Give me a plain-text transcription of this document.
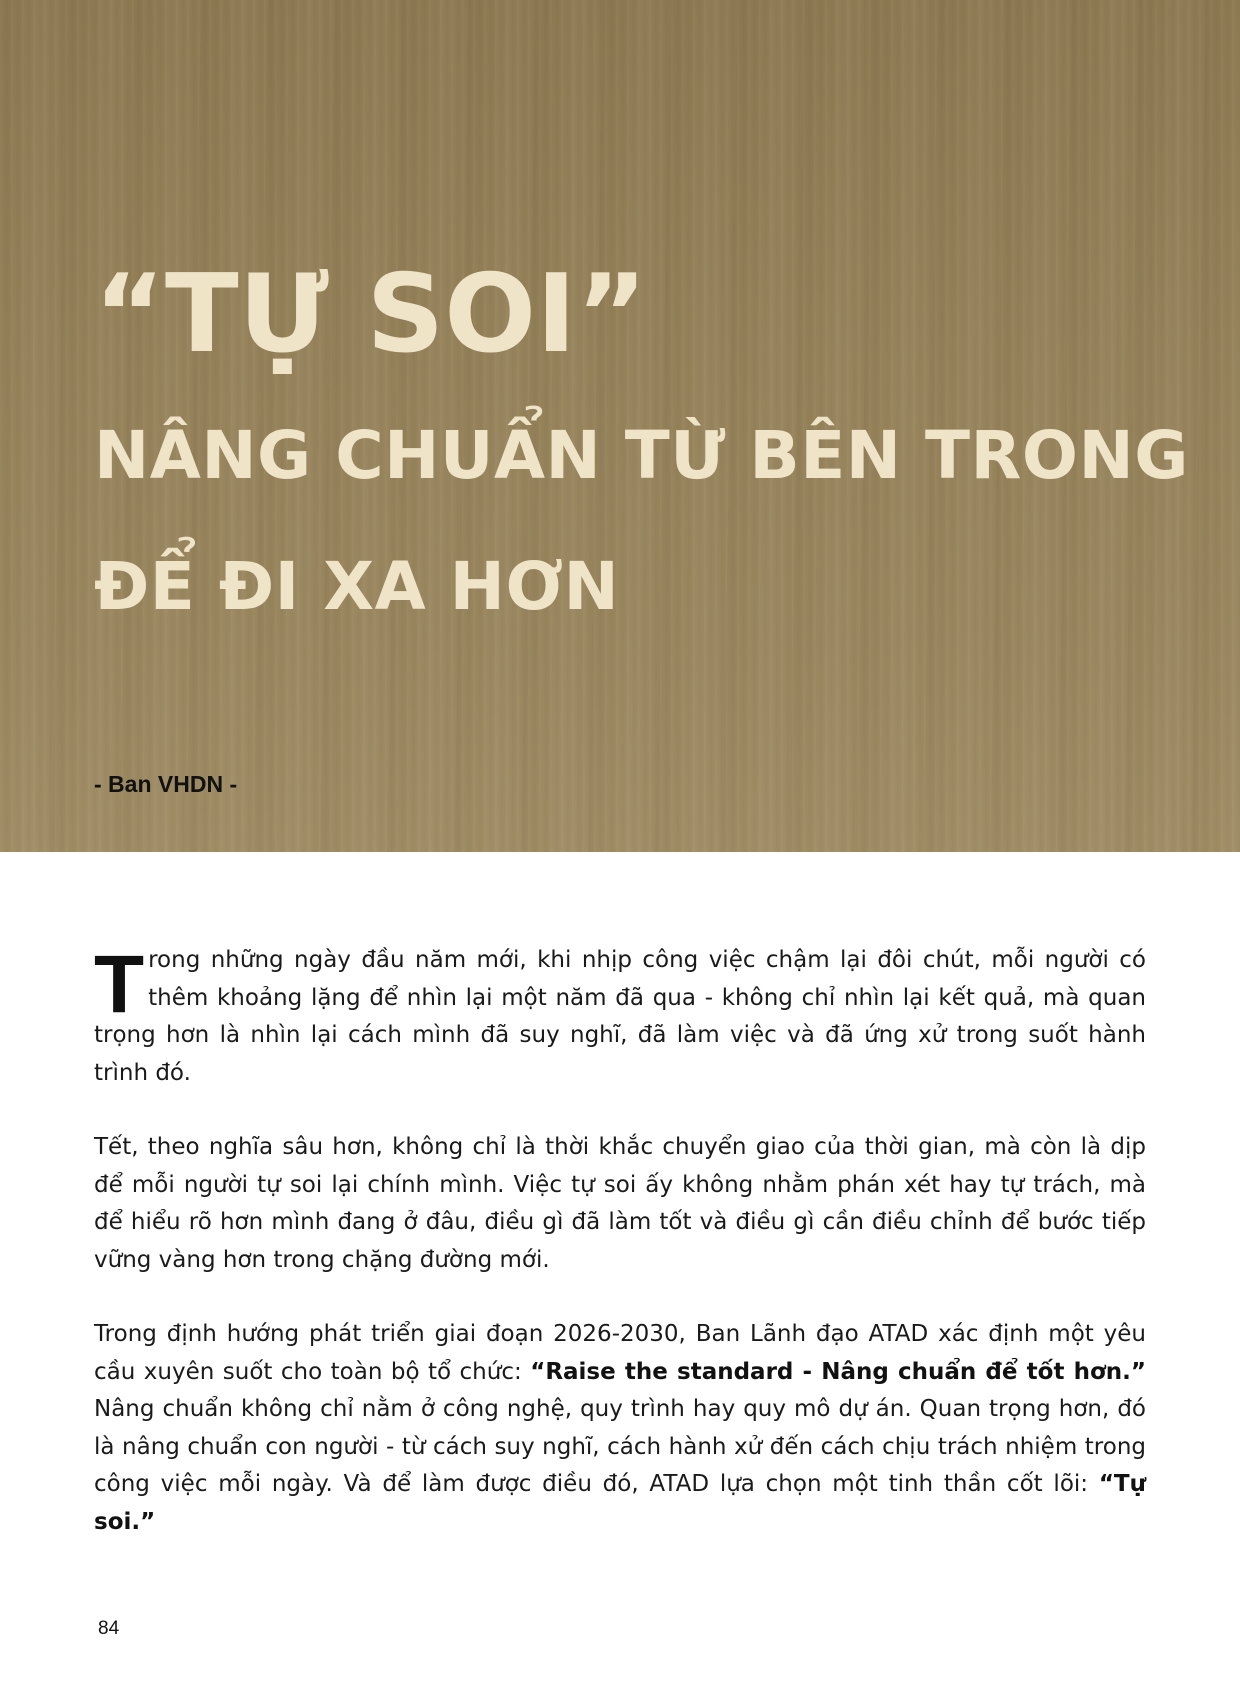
“TỰ SOI”
NÂNG CHUẨN TỪ BÊN TRONG
ĐỂ ĐI XA HƠN

- Ban VHDN -

Trong những ngày đầu năm mới, khi nhịp công việc chậm lại đôi chút, mỗi người có thêm khoảng lặng để nhìn lại một năm đã qua - không chỉ nhìn lại kết quả, mà quan trọng hơn là nhìn lại cách mình đã suy nghĩ, đã làm việc và đã ứng xử trong suốt hành trình đó.

Tết, theo nghĩa sâu hơn, không chỉ là thời khắc chuyển giao của thời gian, mà còn là dịp để mỗi người tự soi lại chính mình. Việc tự soi ấy không nhằm phán xét hay tự trách, mà để hiểu rõ hơn mình đang ở đâu, điều gì đã làm tốt và điều gì cần điều chỉnh để bước tiếp vững vàng hơn trong chặng đường mới.

Trong định hướng phát triển giai đoạn 2026-2030, Ban Lãnh đạo ATAD xác định một yêu cầu xuyên suốt cho toàn bộ tổ chức: “Raise the standard - Nâng chuẩn để tốt hơn.” Nâng chuẩn không chỉ nằm ở công nghệ, quy trình hay quy mô dự án. Quan trọng hơn, đó là nâng chuẩn con người - từ cách suy nghĩ, cách hành xử đến cách chịu trách nhiệm trong công việc mỗi ngày. Và để làm được điều đó, ATAD lựa chọn một tinh thần cốt lõi: “Tự soi.”

84
